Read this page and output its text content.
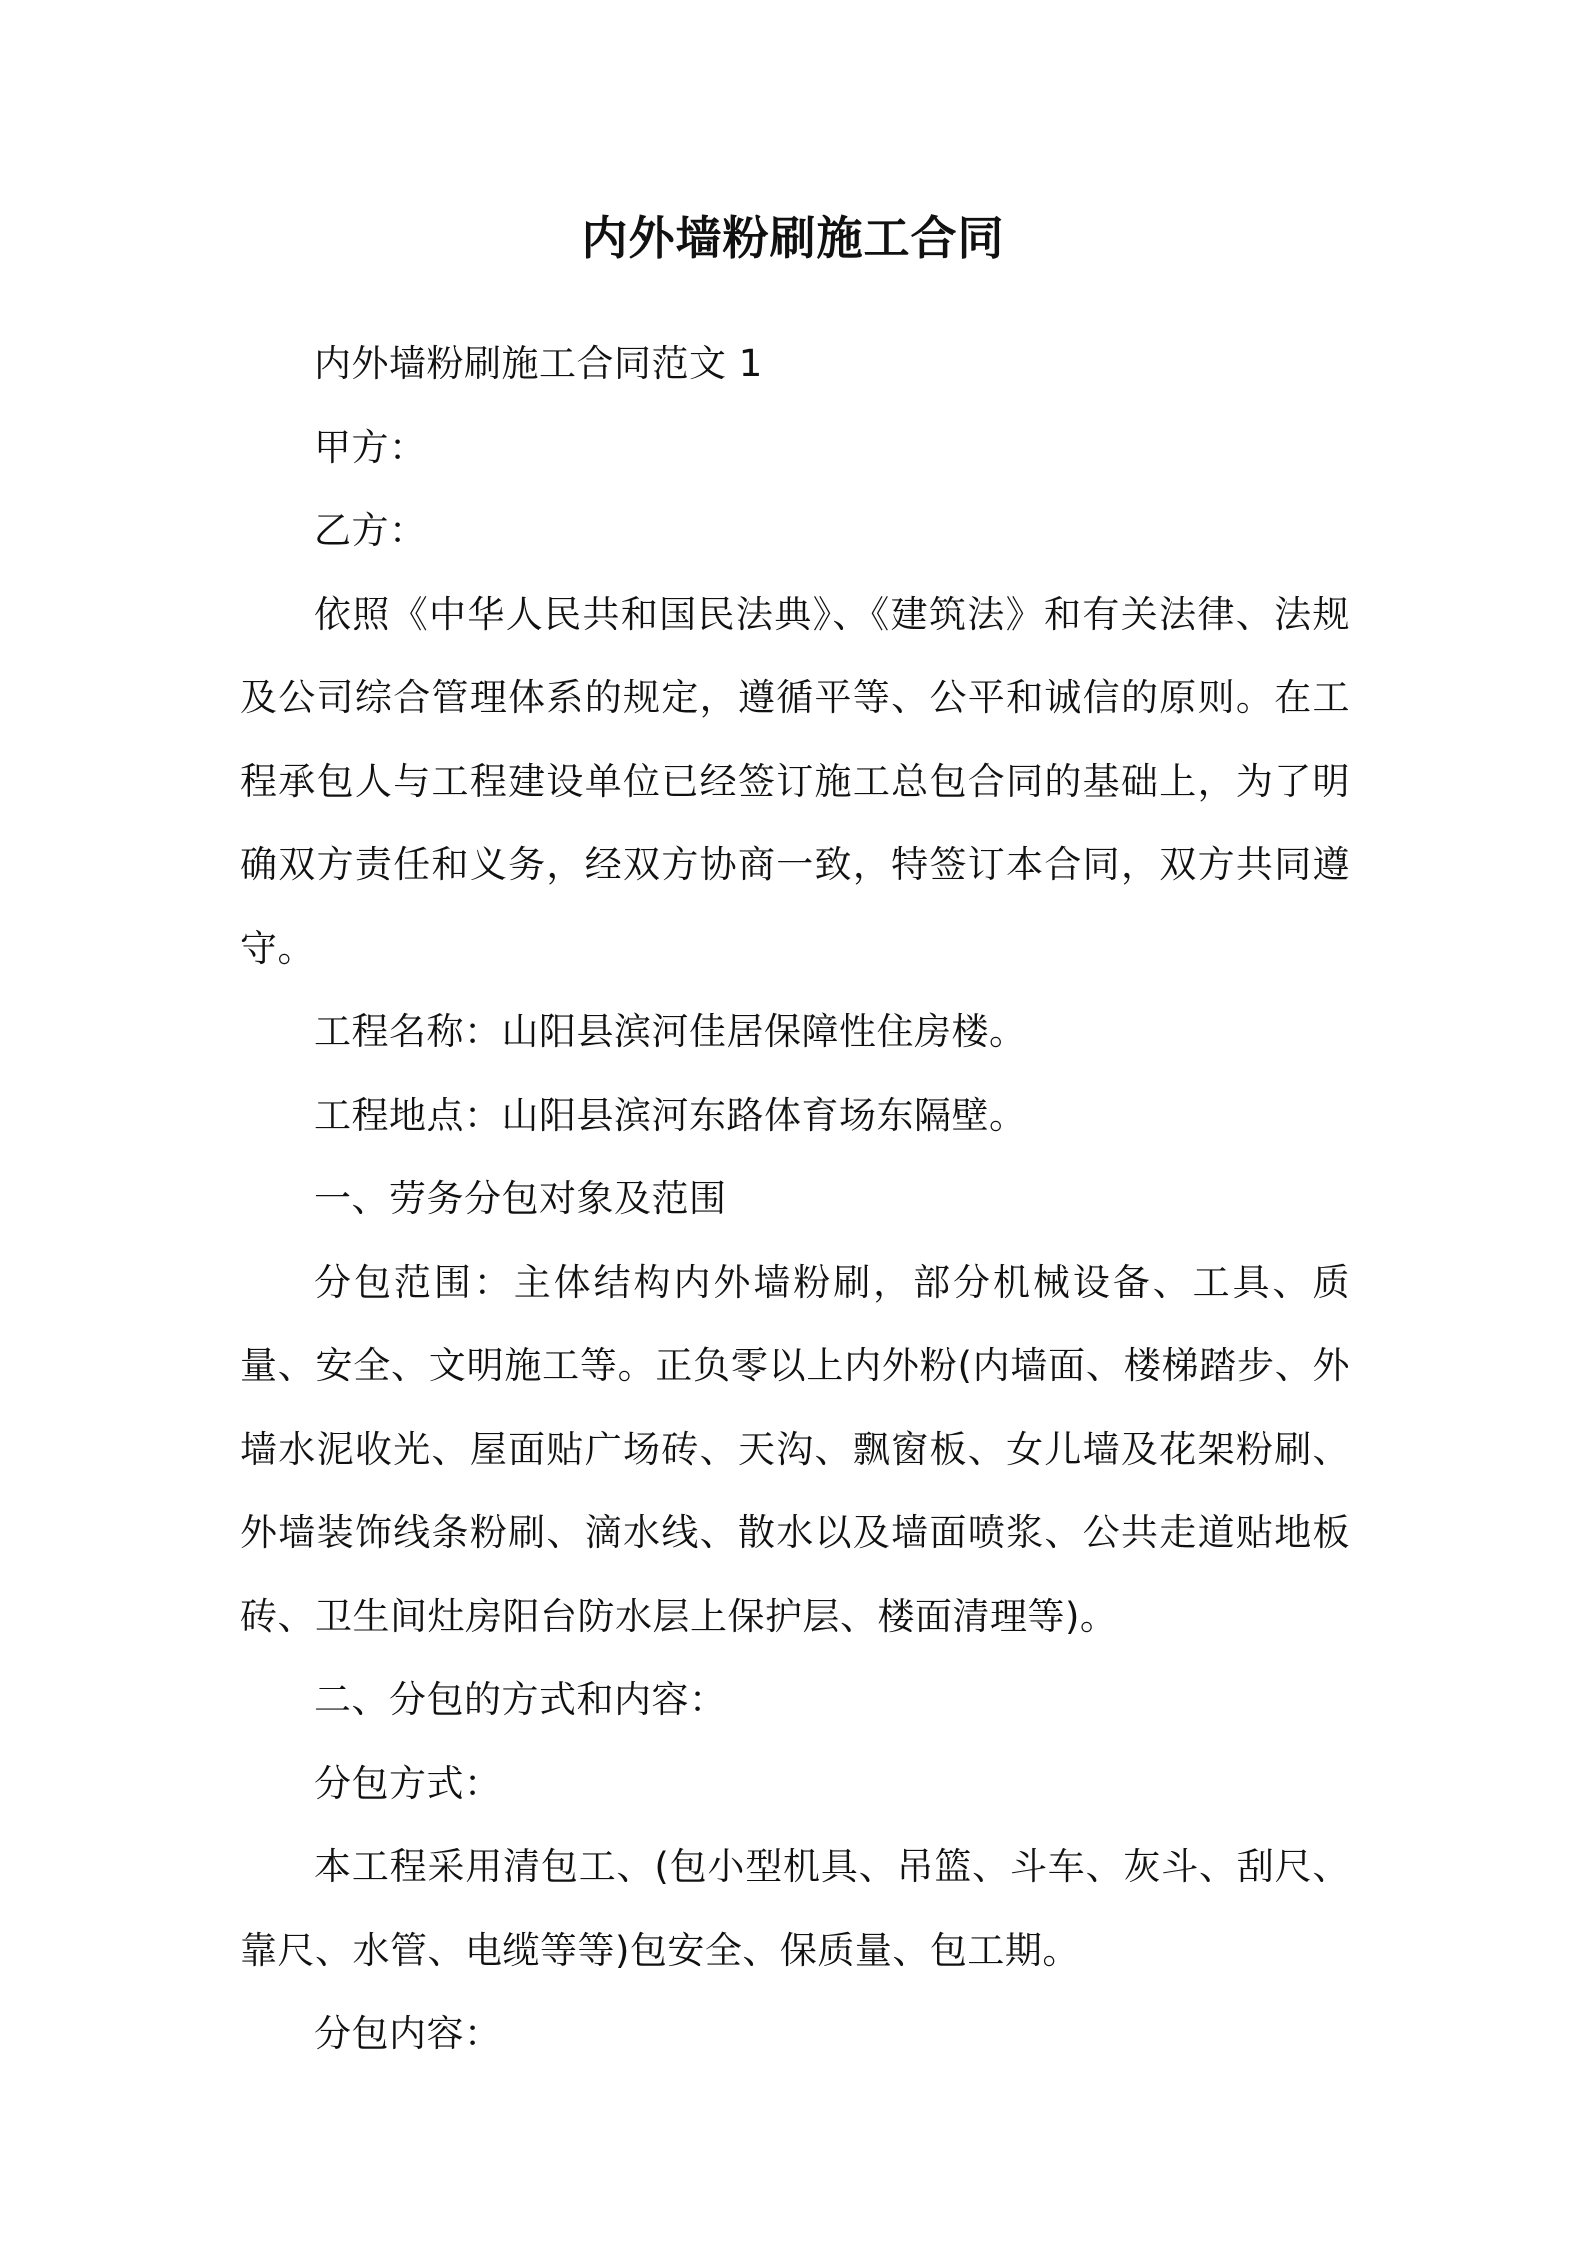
内外墙粉刷施工合同

内外墙粉刷施工合同范文 1

甲方：

乙方：

依照《中华人民共和国民法典》、《建筑法》和有关法律、法规及公司综合管理体系的规定，遵循平等、公平和诚信的原则。在工程承包人与工程建设单位已经签订施工总包合同的基础上，为了明确双方责任和义务，经双方协商一致，特签订本合同，双方共同遵守。

工程名称：山阳县滨河佳居保障性住房楼。

工程地点：山阳县滨河东路体育场东隔壁。

一、劳务分包对象及范围

分包范围：主体结构内外墙粉刷，部分机械设备、工具、质量、安全、文明施工等。正负零以上内外粉(内墙面、楼梯踏步、外墙水泥收光、屋面贴广场砖、天沟、飘窗板、女儿墙及花架粉刷、外墙装饰线条粉刷、滴水线、散水以及墙面喷浆、公共走道贴地板砖、卫生间灶房阳台防水层上保护层、楼面清理等)。

二、分包的方式和内容：

分包方式：

本工程采用清包工、(包小型机具、吊篮、斗车、灰斗、刮尺、靠尺、水管、电缆等等)包安全、保质量、包工期。

分包内容：
